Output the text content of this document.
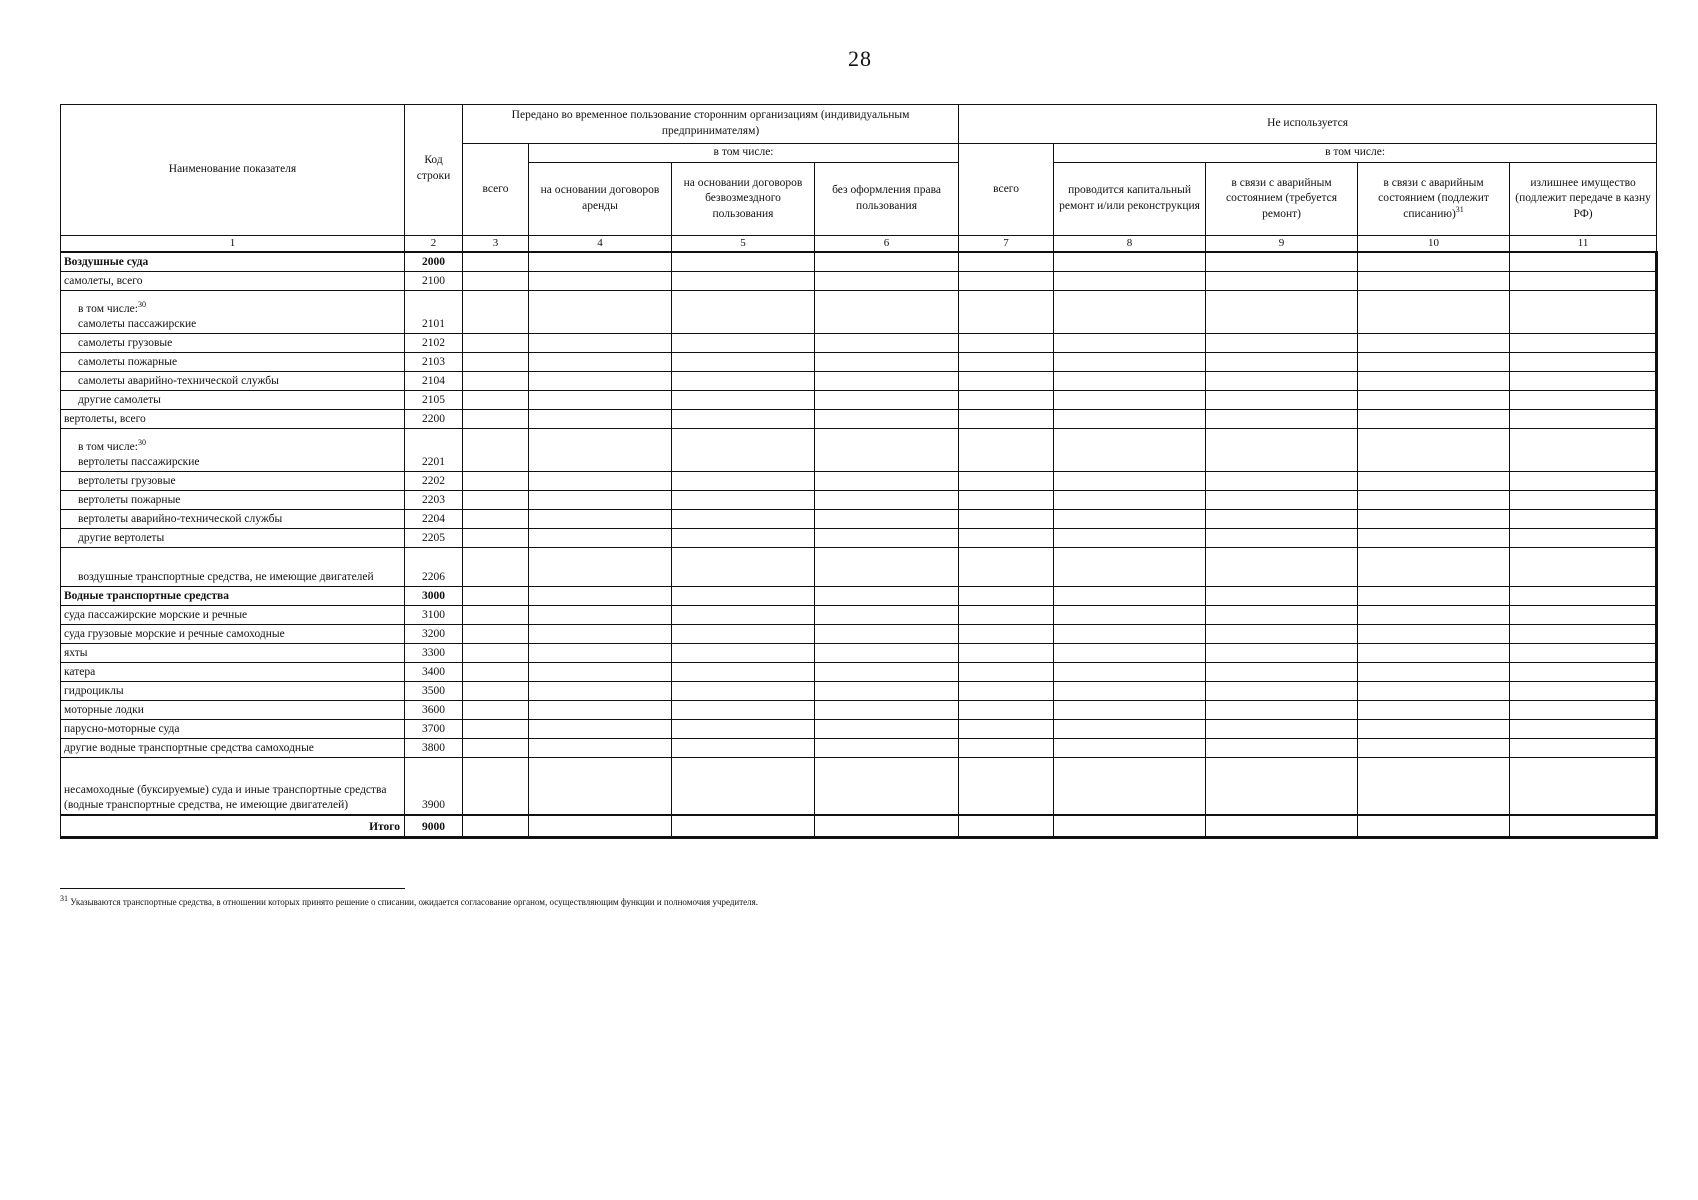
28
Наименование показателя	Код строки	Передано во временное пользование сторонним организациям (индивидуальным предпринимателям)				Не используется				
		всего	в том числе:			всего	в том числе:			
			на основании договоров аренды	на основании договоров безвозмездного пользования	без оформления права пользования		проводится капитальный ремонт и/или реконструкция	в связи с аварийным состоянием (требуется ремонт)	в связи с аварийным состоянием (подлежит списанию)$^{31}$	излишнее имущество (подлежит передаче в казну РФ)
1	2	3	4	5	6	7	8	9	10	11
Воздушные суда	2000									
самолеты, всего	2100									

в том числе:$^{30}$
самолеты пассажирские	2101									
самолеты грузовые	2102									
самолеты пожарные	2103									
самолеты аварийно-технической службы	2104									
другие самолеты	2105									
вертолеты, всего	2200									

в том числе:$^{30}$
вертолеты пассажирские	2201									
вертолеты грузовые	2202									
вертолеты пожарные	2203									
вертолеты аварийно-технической службы	2204									
другие вертолеты	2205									
воздушные транспортные средства, не имеющие двигателей	2206									
Водные транспортные средства	3000									
суда пассажирские морские и речные	3100									
суда грузовые морские и речные самоходные	3200									
яхты	3300									
катера	3400									
гидроциклы	3500									
моторные лодки	3600									
парусно-моторные суда	3700									
другие водные транспортные средства самоходные	3800									
несамоходные (буксируемые) суда и иные транспортные средства (водные транспортные средства, не имеющие двигателей)	3900									
Итого	9000									
31 Указываются транспортные средства, в отношении которых принято решение о списании, ожидается согласование органом, осуществляющим функции и полномочия учредителя.
